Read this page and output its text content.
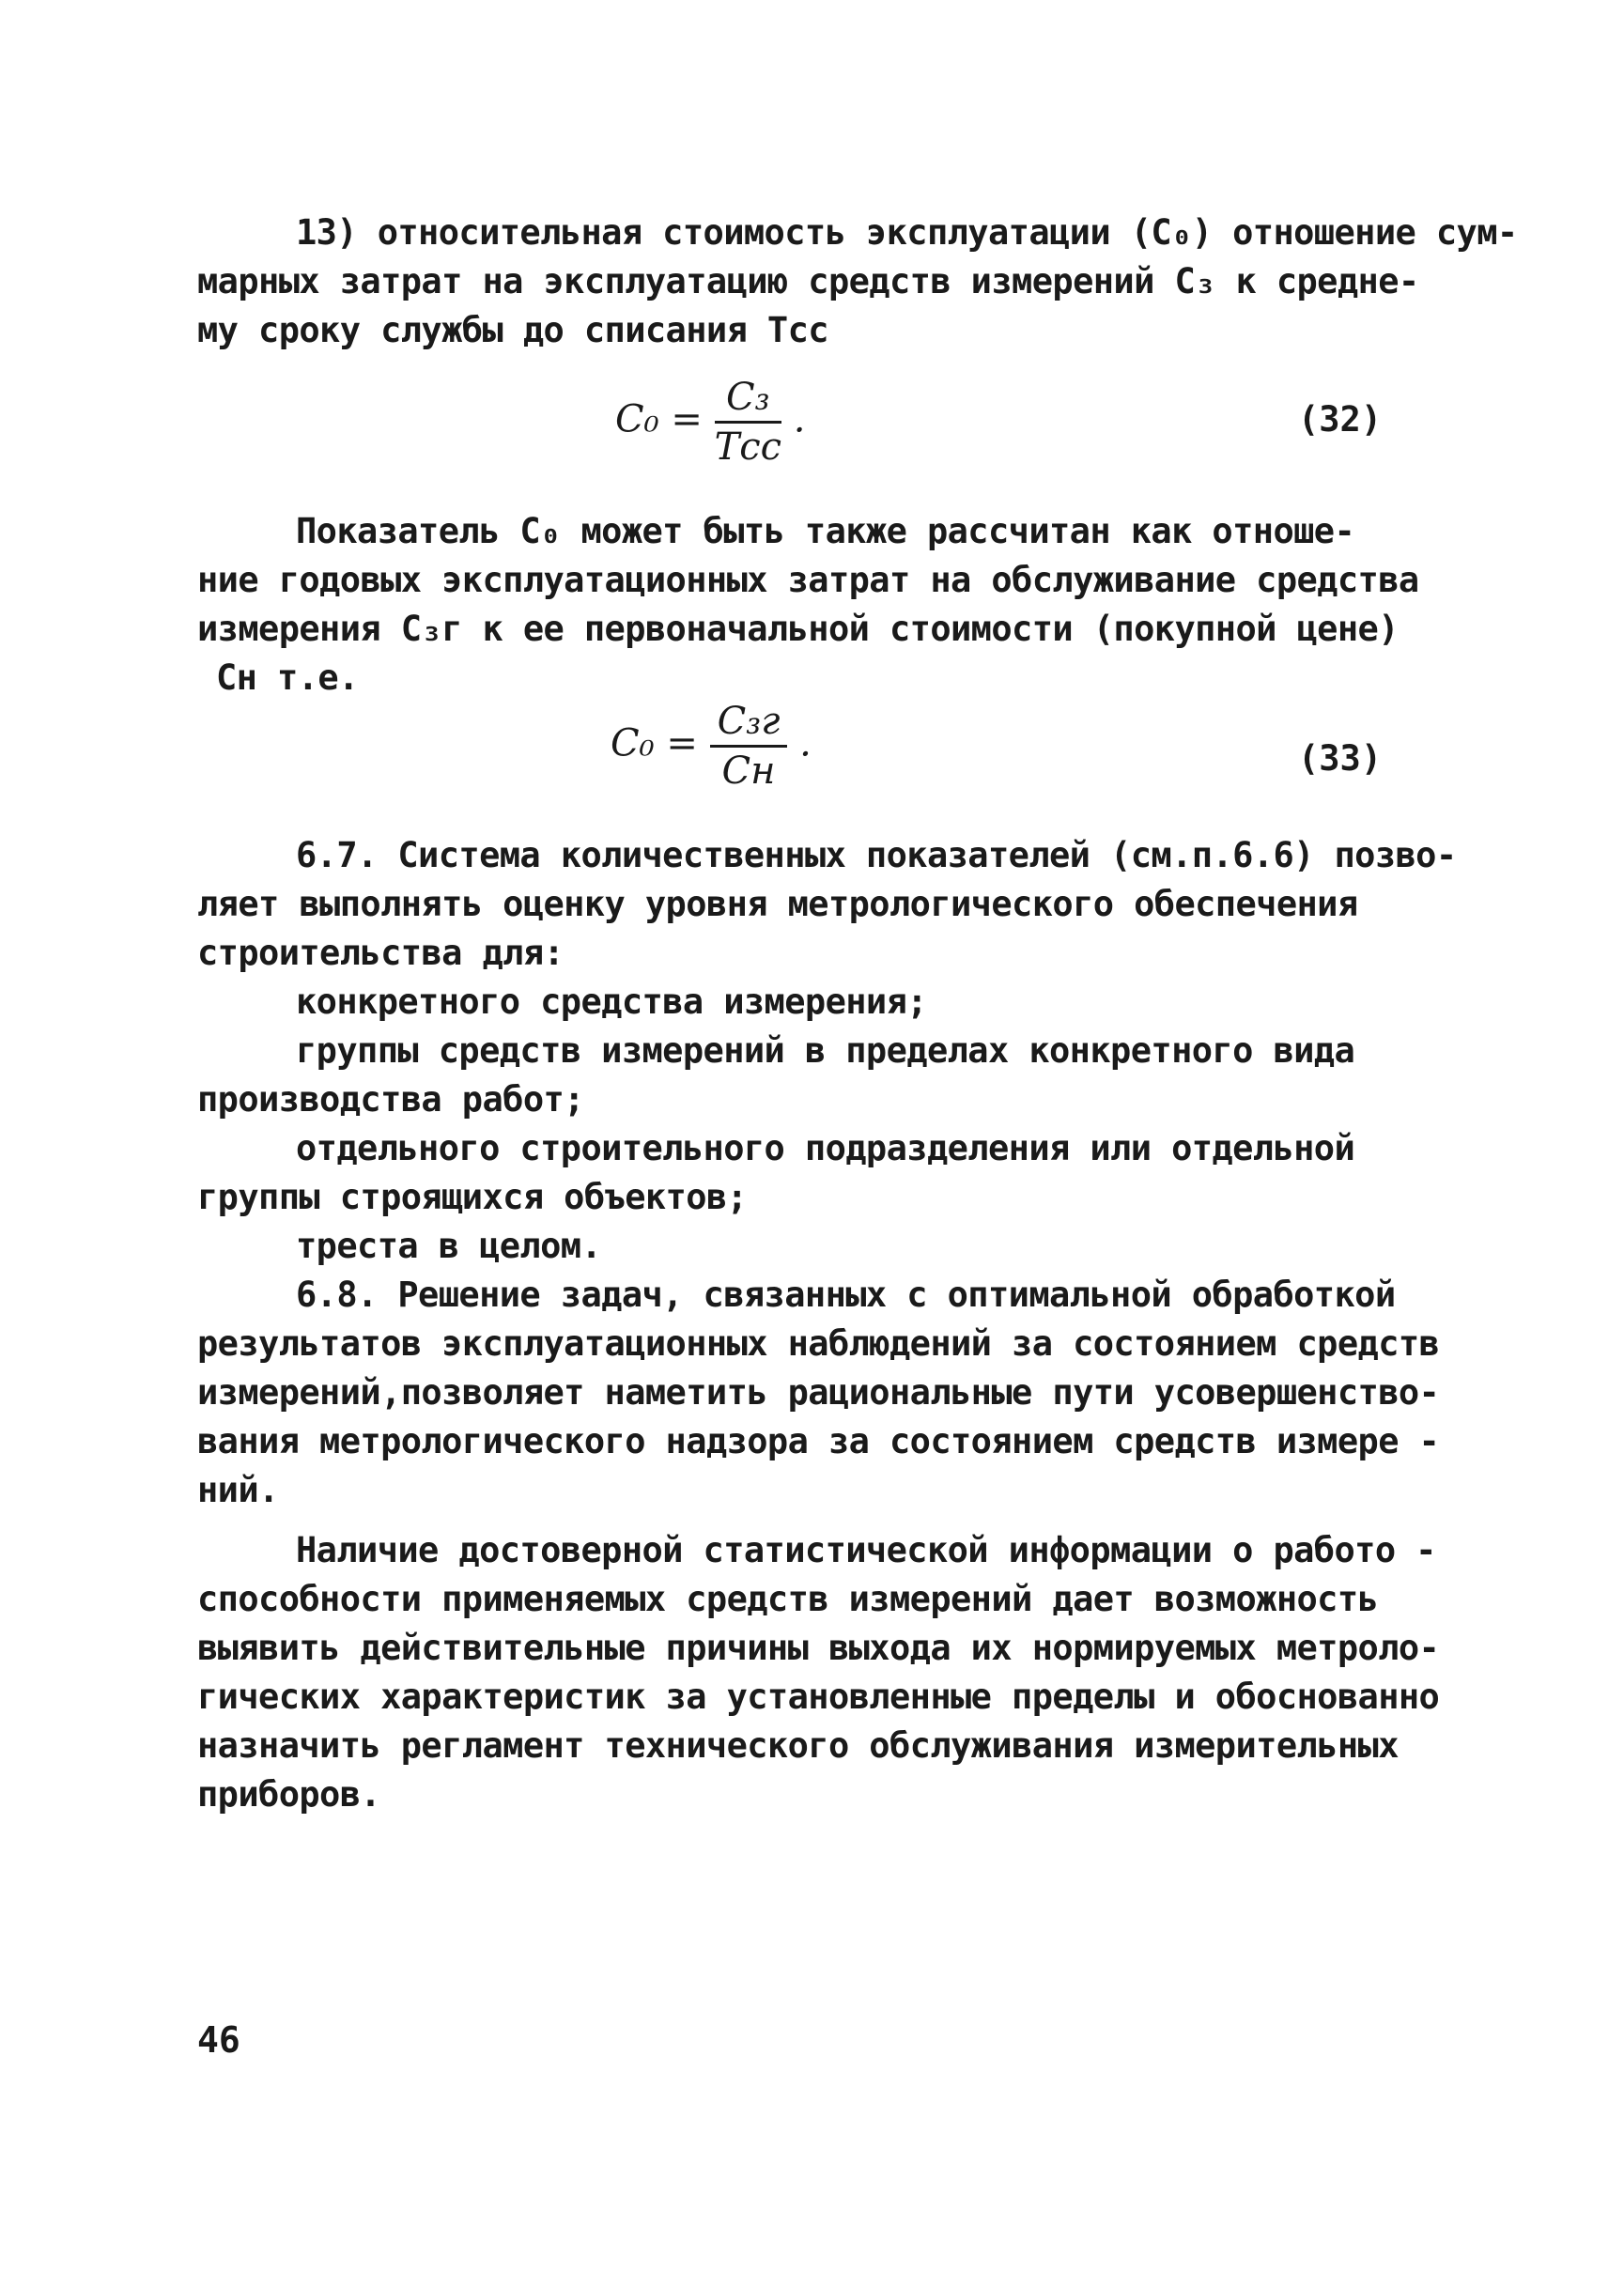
13) относительная стоимость эксплуатации (C₀) отношение сум-
марных затрат на эксплуатацию средств измерений C₃ к средне-
му сроку службы до списания Tсс
$C_0 = \frac{\text{C₃}}{\text{Tсс}}$ .	(32)
Показатель C₀ может быть также рассчитан как отноше-
ние годовых эксплуатационных затрат на обслуживание средства
измерения C₃г к ее первоначальной стоимости (покупной цене)
Cн т.е.
$C_0 = \frac{\text{C₃г}}{Cн}$ .	(33)
6.7. Система количественных показателей (см.п.6.6) позво-
ляет выполнять оценку уровня метрологического обеспечения
строительства для:
конкретного средства измерения;
группы средств измерений в пределах конкретного вида
производства работ;
отдельного строительного подразделения или отдельной
группы строящихся объектов;
треста в целом.
6.8. Решение задач, связанных с оптимальной обработкой
результатов эксплуатационных наблюдений за состоянием средств
измерений,позволяет наметить рациональные пути усовершенство-
вания метрологического надзора за состоянием средств измере -
ний.
Наличие достоверной статистической информации о работо -
способности применяемых средств измерений дает возможность
выявить действительные причины выхода их нормируемых метроло-
гических характеристик за установленные пределы и обоснованно
назначить регламент технического обслуживания измерительных
приборов.
46
